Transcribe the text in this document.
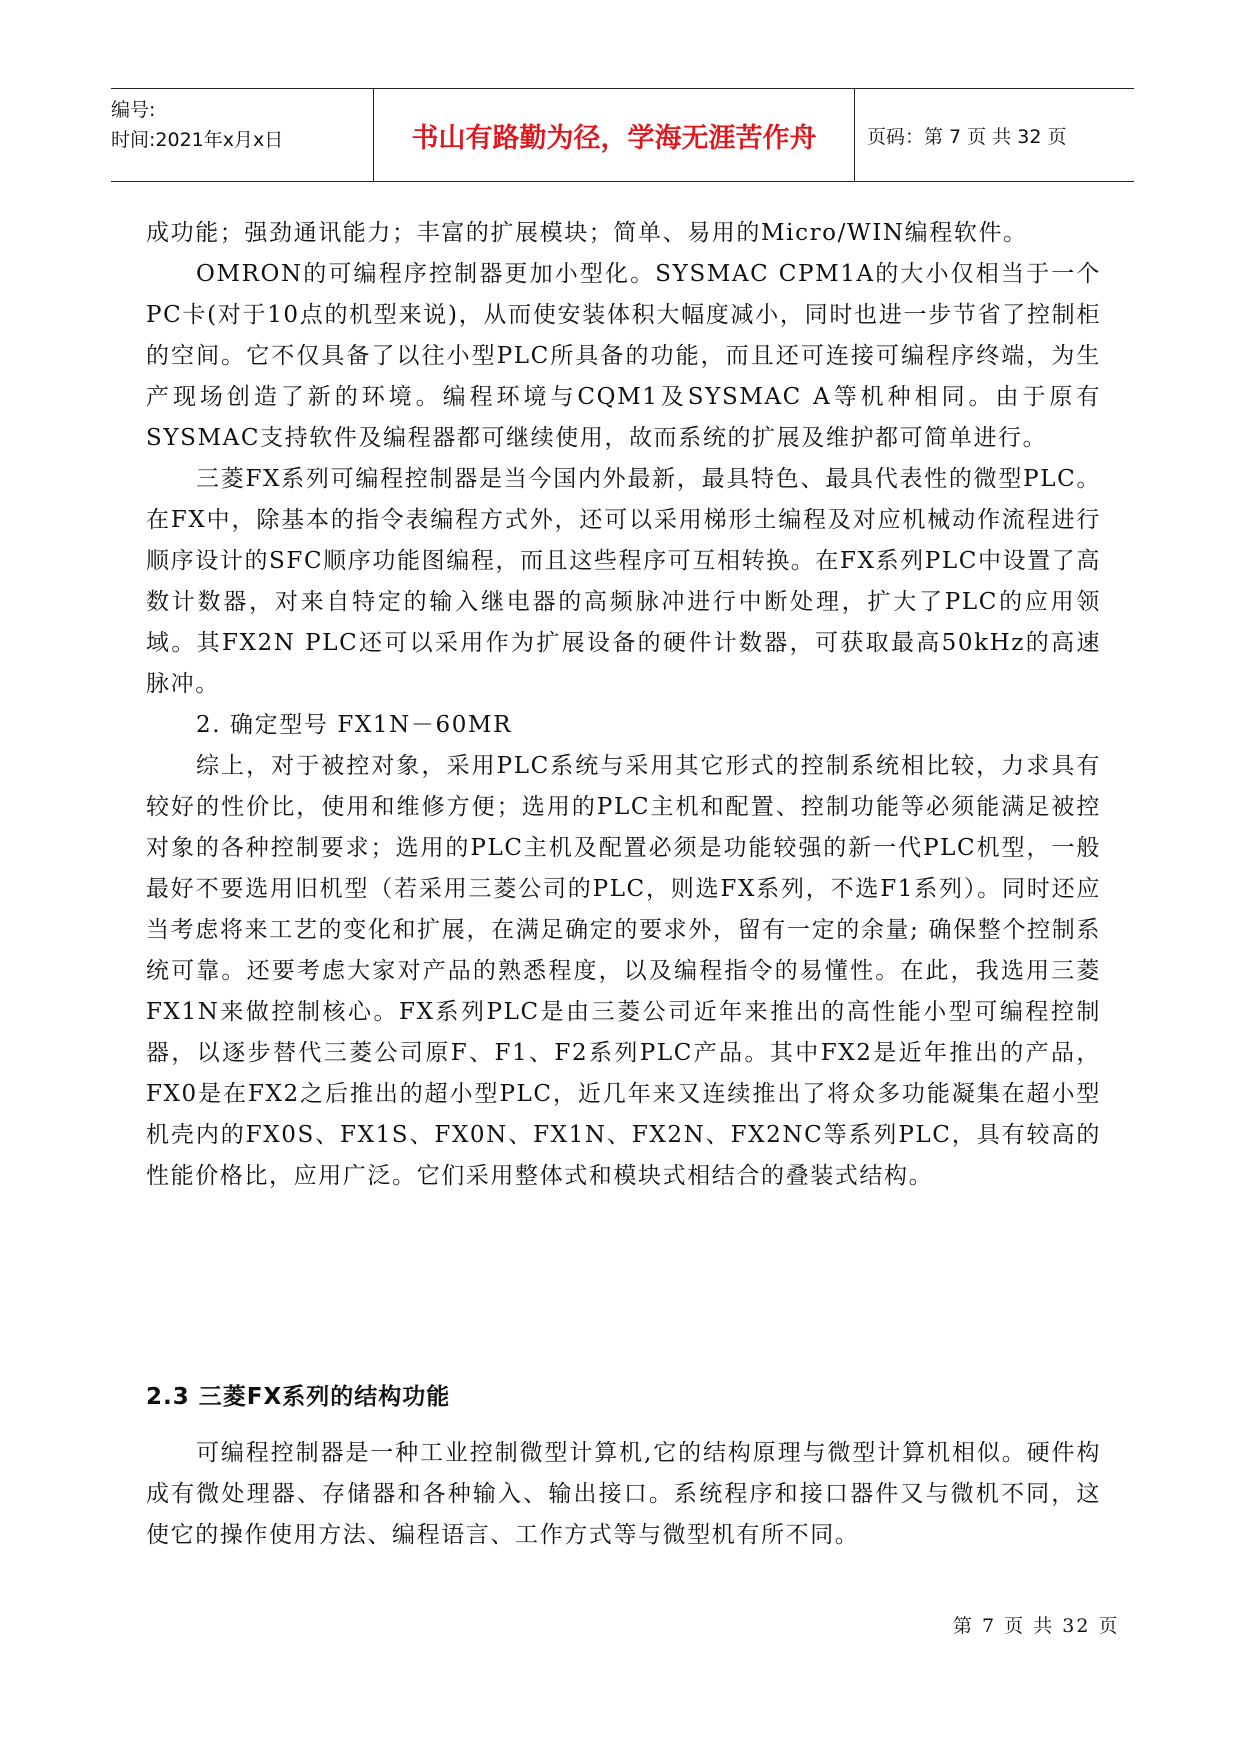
编号:
时间:2021年x月x日	书山有路勤为径，学海无涯苦作舟	页码：第 7 页 共 32 页

成功能；强劲通讯能力；丰富的扩展模块；简单、易用的Micro/WIN编程软件。

OMRON的可编程序控制器更加小型化。SYSMAC CPM1A的大小仅相当于一个PC卡(对于10点的机型来说)，从而使安装体积大幅度减小，同时也进一步节省了控制柜的空间。它不仅具备了以往小型PLC所具备的功能，而且还可连接可编程序终端，为生产现场创造了新的环境。编程环境与CQM1及SYSMAC A等机种相同。由于原有SYSMAC支持软件及编程器都可继续使用，故而系统的扩展及维护都可简单进行。

三菱FX系列可编程控制器是当今国内外最新，最具特色、最具代表性的微型PLC。在FX中，除基本的指令表编程方式外，还可以采用梯形土编程及对应机械动作流程进行顺序设计的SFC顺序功能图编程，而且这些程序可互相转换。在FX系列PLC中设置了高数计数器，对来自特定的输入继电器的高频脉冲进行中断处理，扩大了PLC的应用领域。其FX2N PLC还可以采用作为扩展设备的硬件计数器，可获取最高50kHz的高速脉冲。

2. 确定型号 FX1N－60MR

综上，对于被控对象，采用PLC系统与采用其它形式的控制系统相比较，力求具有较好的性价比，使用和维修方便；选用的PLC主机和配置、控制功能等必须能满足被控对象的各种控制要求；选用的PLC主机及配置必须是功能较强的新一代PLC机型，一般最好不要选用旧机型（若采用三菱公司的PLC，则选FX系列，不选F1系列）。同时还应当考虑将来工艺的变化和扩展，在满足确定的要求外，留有一定的余量; 确保整个控制系统可靠。还要考虑大家对产品的熟悉程度，以及编程指令的易懂性。在此，我选用三菱FX1N来做控制核心。FX系列PLC是由三菱公司近年来推出的高性能小型可编程控制器，以逐步替代三菱公司原F、F1、F2系列PLC产品。其中FX2是近年推出的产品，FX0是在FX2之后推出的超小型PLC，近几年来又连续推出了将众多功能凝集在超小型机壳内的FX0S、FX1S、FX0N、FX1N、FX2N、FX2NC等系列PLC，具有较高的性能价格比，应用广泛。它们采用整体式和模块式相结合的叠装式结构。

2.3 三菱FX系列的结构功能

可编程控制器是一种工业控制微型计算机,它的结构原理与微型计算机相似。硬件构成有微处理器、存储器和各种输入、输出接口。系统程序和接口器件又与微机不同，这使它的操作使用方法、编程语言、工作方式等与微型机有所不同。

第 7 页 共 32 页
